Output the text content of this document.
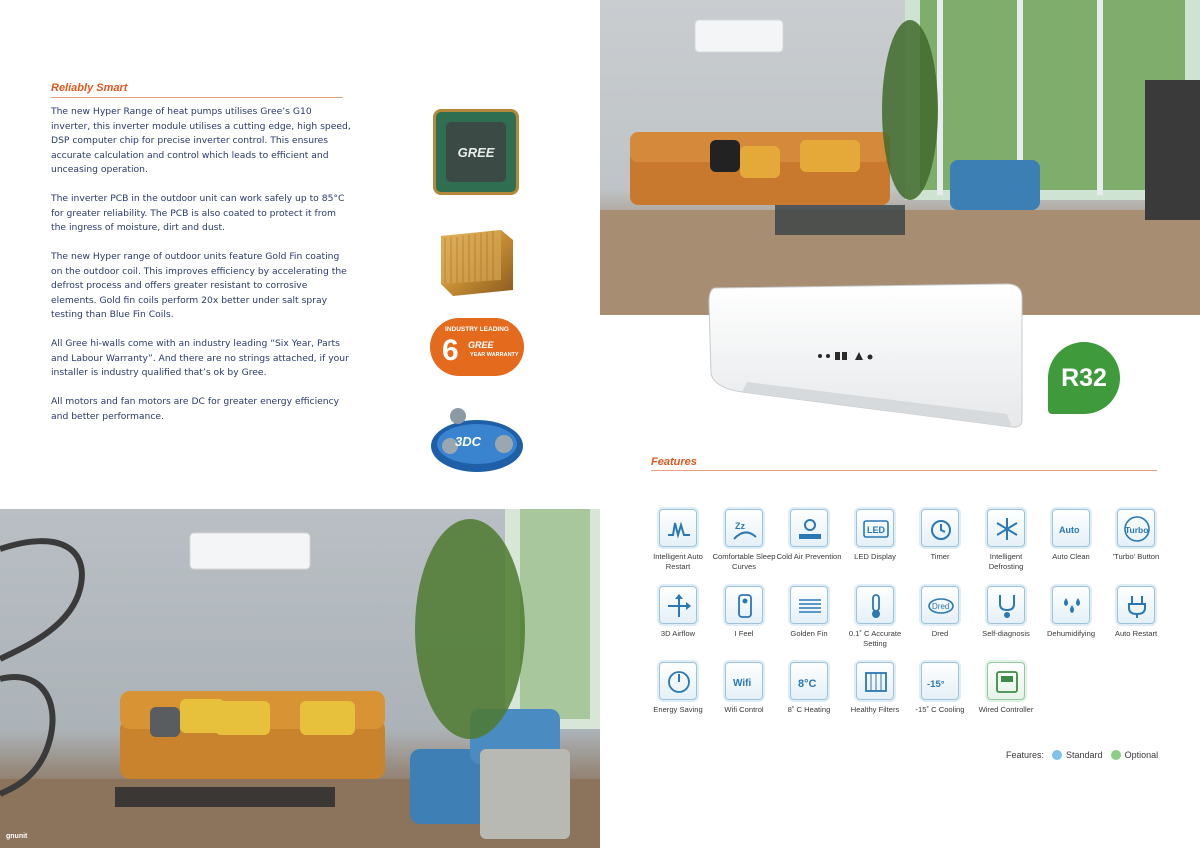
Reliably Smart

The new Hyper Range of heat pumps utilises Gree’s G10 inverter, this inverter module utilises a cutting edge, high speed, DSP computer chip for precise inverter control. This ensures accurate calculation and control which leads to efficient and unceasing operation.

The inverter PCB in the outdoor unit can work safely up to 85°C for greater reliability. The PCB is also coated to protect it from the ingress of moisture, dirt and dust.

The new Hyper range of outdoor units feature Gold Fin coating on the outdoor coil. This improves efficiency by accelerating the defrost process and offers greater resistant to corrosive elements. Gold fin coils perform 20x better under salt spray testing than Blue Fin Coils.

All Gree hi-walls come with an industry leading “Six Year, Parts and Labour Warranty”. And there are no strings attached, if your installer is industry qualified that’s ok by Gree.

All motors and fan motors are DC for greater energy efficiency and better performance.

GREE
INDUSTRY LEADING
6 GREE
YEAR WARRANTY
3DC
gnunit
R32
Features
Intelligent Auto Restart
Zz
Comfortable Sleep Curves
Cold Air Prevention
LED
LED Display	Timer	Intelligent Defrosting
Auto
Auto Clean
Turbo
'Turbo' Button
3D Airflow	I Feel	Golden Fin	0.1˚ C Accurate Setting
Dred
Dred	Self-diagnosis	Dehumidifying	Auto Restart
Energy Saving
Wifi
Wifi Control
8°C
8˚ C Heating	Healthy Filters
-15°
-15˚ C Cooling	Wired Controller
Features: Standard Optional
